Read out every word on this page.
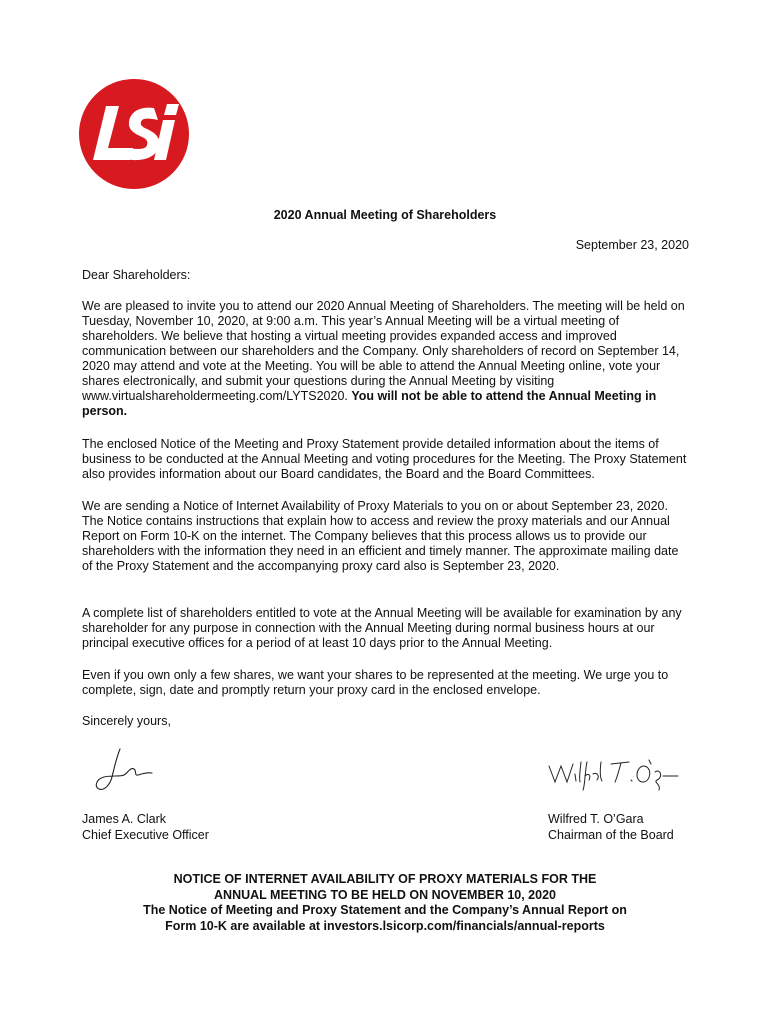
2020 Annual Meeting of Shareholders
September 23, 2020
Dear Shareholders:

We are pleased to invite you to attend our 2020 Annual Meeting of Shareholders. The meeting will be held on Tuesday, November 10, 2020, at 9:00 a.m. This year’s Annual Meeting will be a virtual meeting of shareholders. We believe that hosting a virtual meeting provides expanded access and improved communication between our shareholders and the Company. Only shareholders of record on September 14, 2020 may attend and vote at the Meeting. You will be able to attend the Annual Meeting online, vote your shares electronically, and submit your questions during the Annual Meeting by visiting www.virtualshareholdermeeting.com/LYTS2020. You will not be able to attend the Annual Meeting in person.

The enclosed Notice of the Meeting and Proxy Statement provide detailed information about the items of business to be conducted at the Annual Meeting and voting procedures for the Meeting. The Proxy Statement also provides information about our Board candidates, the Board and the Board Committees.

We are sending a Notice of Internet Availability of Proxy Materials to you on or about September 23, 2020. The Notice contains instructions that explain how to access and review the proxy materials and our Annual Report on Form 10-K on the internet. The Company believes that this process allows us to provide our shareholders with the information they need in an efficient and timely manner. The approximate mailing date of the Proxy Statement and the accompanying proxy card also is September 23, 2020.

A complete list of shareholders entitled to vote at the Annual Meeting will be available for examination by any shareholder for any purpose in connection with the Annual Meeting during normal business hours at our principal executive offices for a period of at least 10 days prior to the Annual Meeting.

Even if you own only a few shares, we want your shares to be represented at the meeting. We urge you to complete, sign, date and promptly return your proxy card in the enclosed envelope.

Sincerely yours,
James A. Clark
Chief Executive Officer
Wilfred T. O’Gara
Chairman of the Board
NOTICE OF INTERNET AVAILABILITY OF PROXY MATERIALS FOR THE
ANNUAL MEETING TO BE HELD ON NOVEMBER 10, 2020
The Notice of Meeting and Proxy Statement and the Company’s Annual Report on
Form 10-K are available at investors.lsicorp.com/financials/annual-reports
